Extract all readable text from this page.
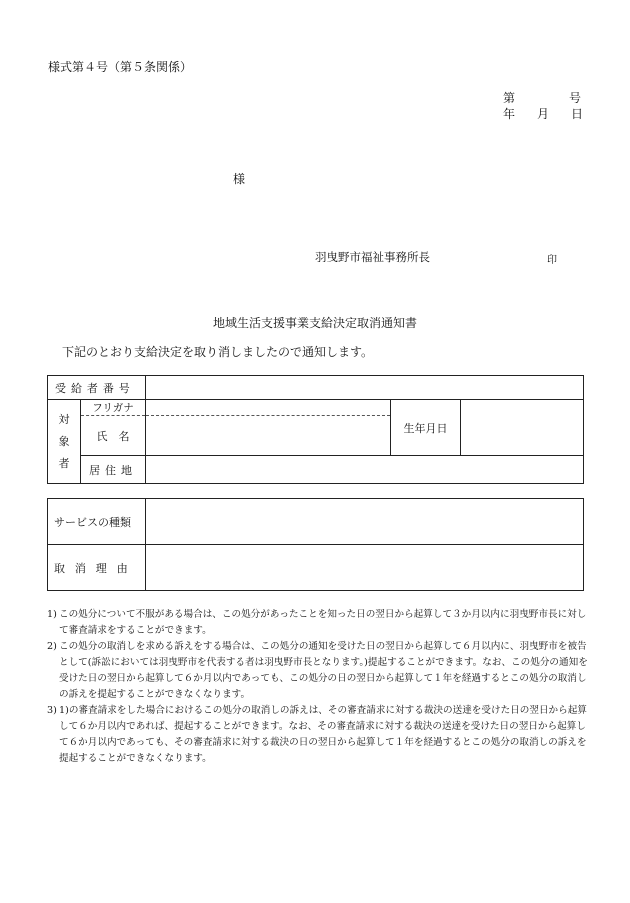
様式第４号（第５条関係）
第	号
年 月 日
様
羽曳野市福祉事務所長	印
地域生活支援事業支給決定取消通知書
下記のとおり支給決定を取り消しましたので通知します。
受給者番号				

対
象
者	フリガナ		生年月日	
	氏　名			
	居住地			
サービスの種類	
取消理由	
1) この処分について不服がある場合は、この処分があったことを知った日の翌日から起算して３か月以内に羽曳野市長に対して審査請求をすることができます。
2) この処分の取消しを求める訴えをする場合は、この処分の通知を受けた日の翌日から起算して６月以内に、羽曳野市を被告として(訴訟においては羽曳野市を代表する者は羽曳野市長となります。)提起することができます。なお、この処分の通知を受けた日の翌日から起算して６か月以内であっても、この処分の日の翌日から起算して１年を経過するとこの処分の取消しの訴えを提起することができなくなります。
3) 1)の審査請求をした場合におけるこの処分の取消しの訴えは、その審査請求に対する裁決の送達を受けた日の翌日から起算して６か月以内であれば、提起することができます。なお、その審査請求に対する裁決の送達を受けた日の翌日から起算して６か月以内であっても、その審査請求に対する裁決の日の翌日から起算して１年を経過するとこの処分の取消しの訴えを提起することができなくなります。
